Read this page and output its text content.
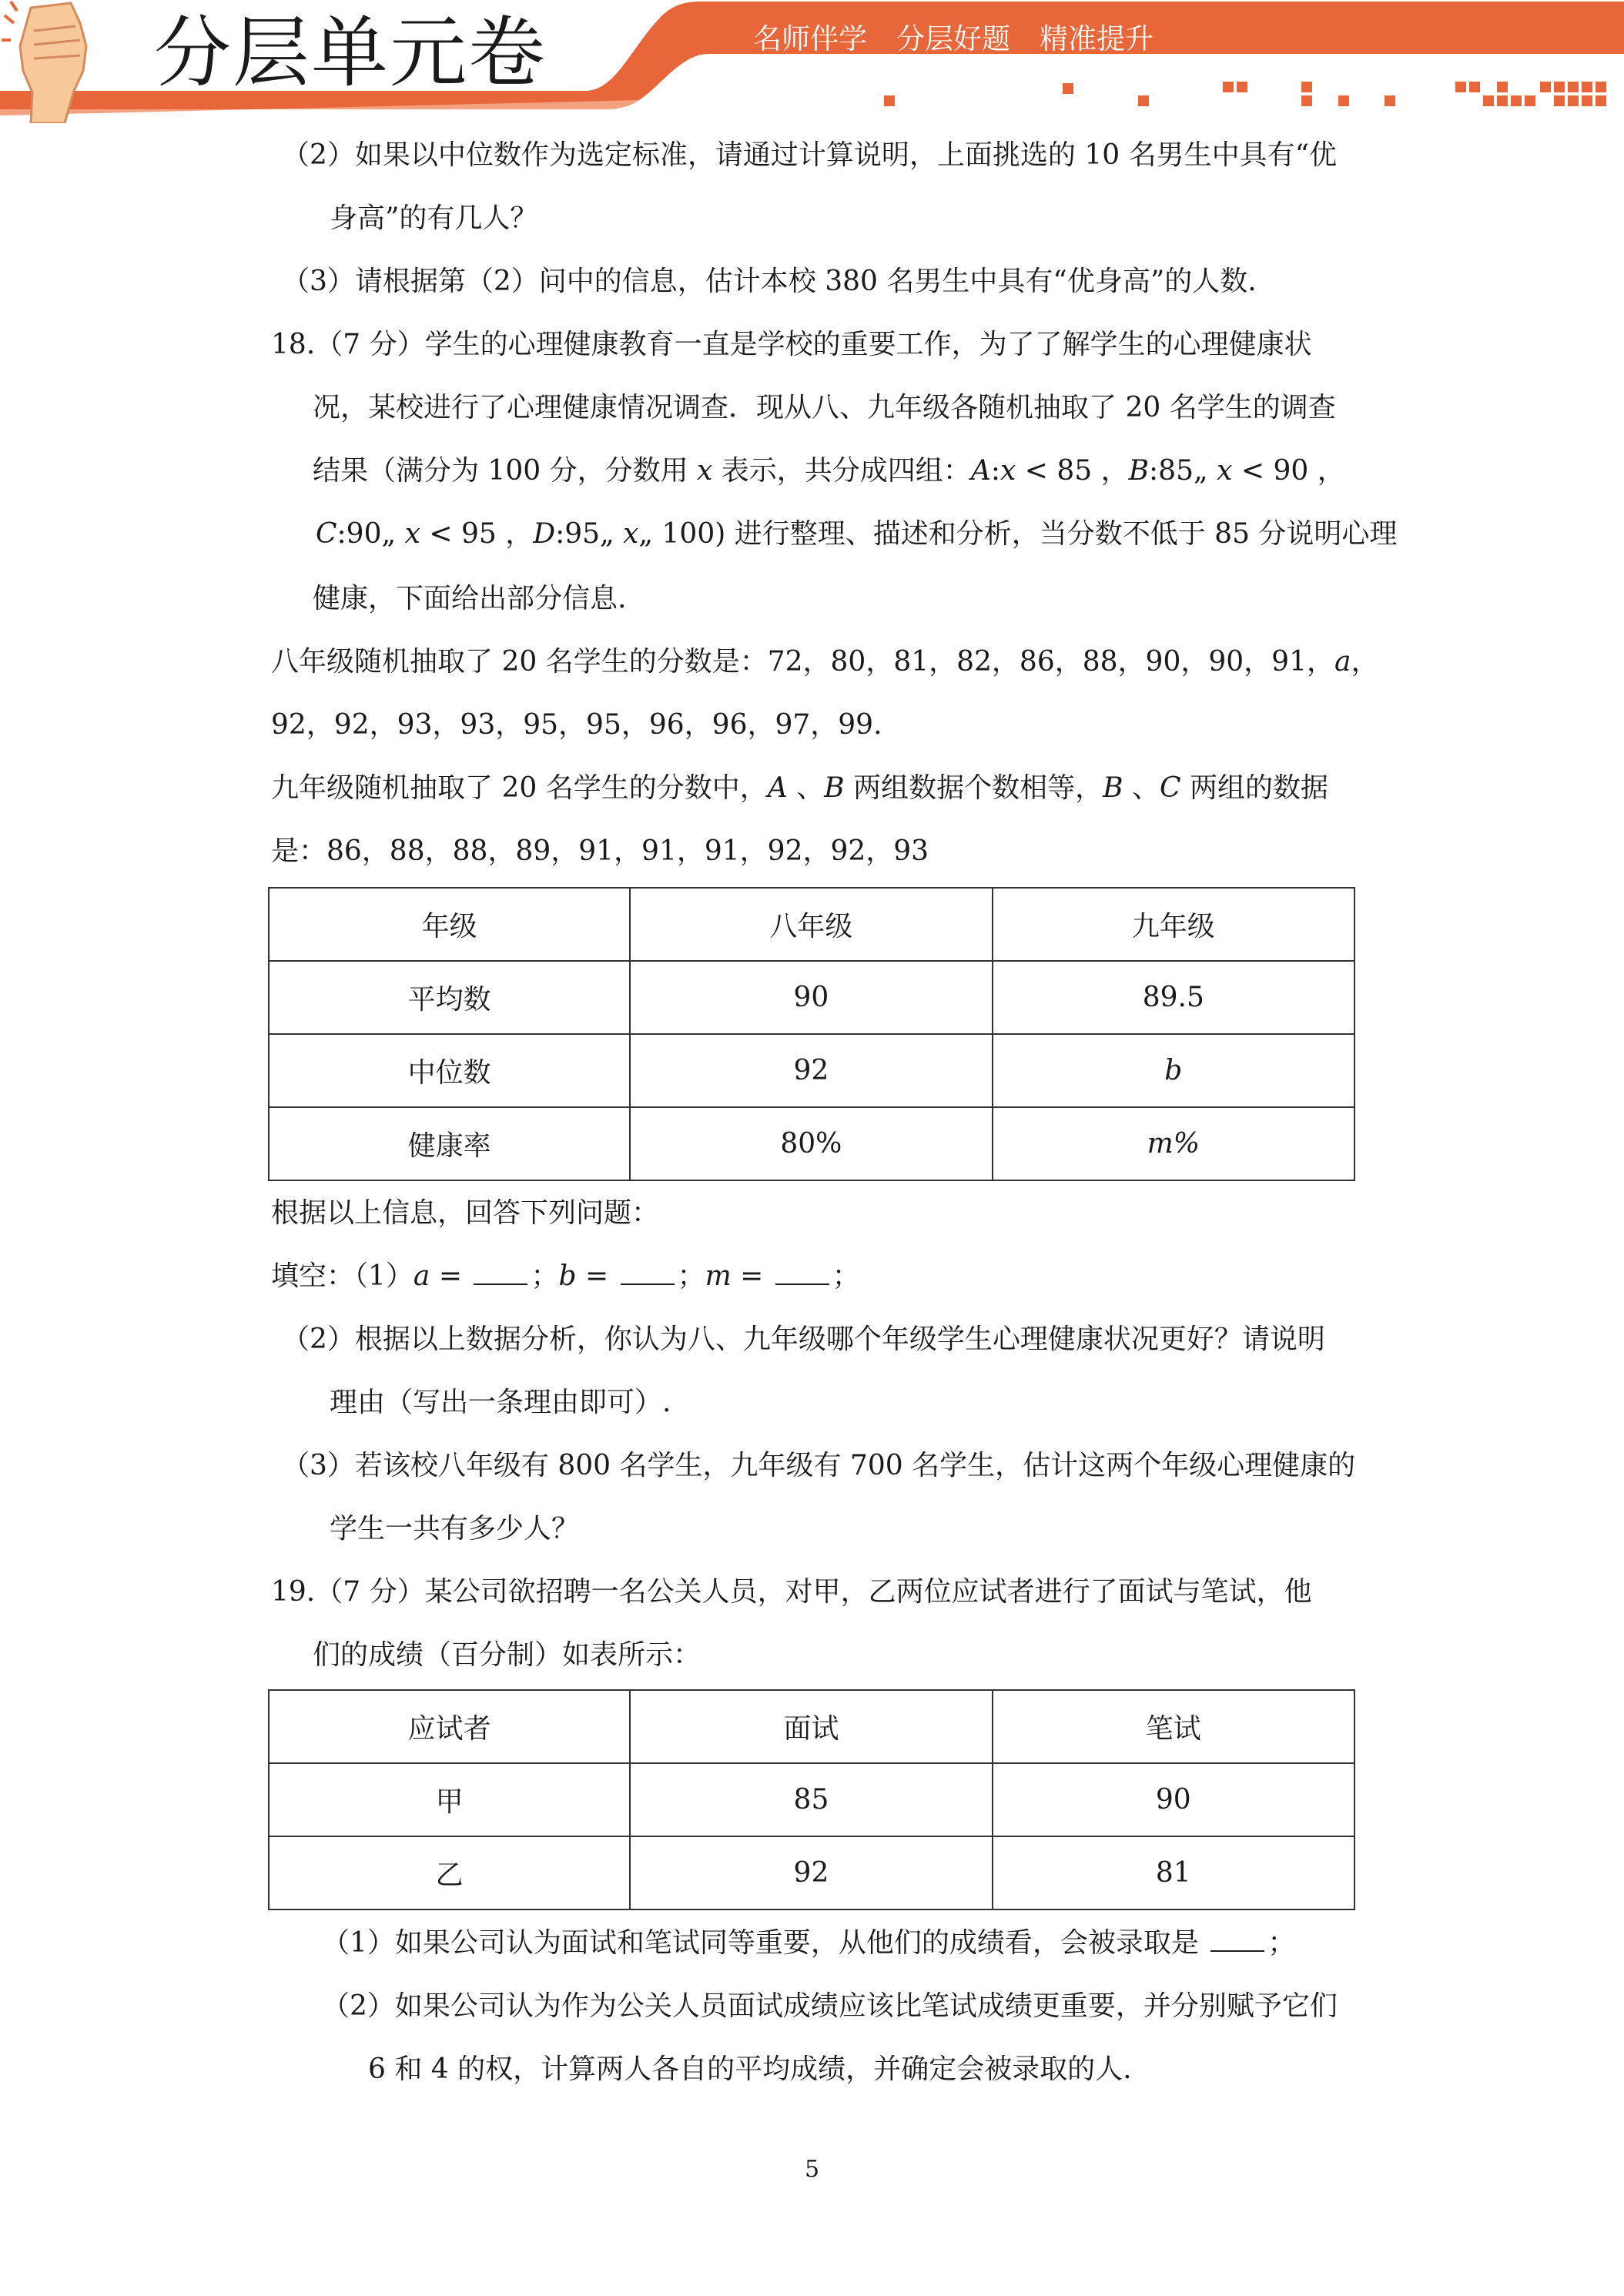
分层单元卷	名师伴学 分层好题 精准提升
（2）如果以中位数作为选定标准，请通过计算说明，上面挑选的 10 名男生中具有“优
身高”的有几人？
（3）请根据第（2）问中的信息，估计本校 380 名男生中具有“优身高”的人数.
18.（7 分）学生的心理健康教育一直是学校的重要工作，为了了解学生的心理健康状
况，某校进行了心理健康情况调查．现从八、九年级各随机抽取了 20 名学生的调查
结果（满分为 100 分，分数用 x 表示，共分成四组：A:x < 85 ，B:85„ x < 90 ，
C:90„ x < 95 ，D:95„ x„ 100) 进行整理、描述和分析，当分数不低于 85 分说明心理
健康，下面给出部分信息.
八年级随机抽取了 20 名学生的分数是：72，80，81，82，86，88，90，90，91，a，
92，92，93，93，95，95，96，96，97，99.
九年级随机抽取了 20 名学生的分数中，A 、B 两组数据个数相等，B 、C 两组的数据
是：86，88，88，89，91，91，91，92，92，93
年级	八年级	九年级
平均数	90	89.5
中位数	92	b
健康率	80%	m%
根据以上信息，回答下列问题：
填空：（1）a = ；b = ；m = ；
（2）根据以上数据分析，你认为八、九年级哪个年级学生心理健康状况更好？请说明
理由（写出一条理由即可）.
（3）若该校八年级有 800 名学生，九年级有 700 名学生，估计这两个年级心理健康的
学生一共有多少人？
19.（7 分）某公司欲招聘一名公关人员，对甲，乙两位应试者进行了面试与笔试，他
们的成绩（百分制）如表所示：
应试者	面试	笔试
甲	85	90
乙	92	81
（1）如果公司认为面试和笔试同等重要，从他们的成绩看，会被录取是 ；
（2）如果公司认为作为公关人员面试成绩应该比笔试成绩更重要，并分别赋予它们
6 和 4 的权，计算两人各自的平均成绩，并确定会被录取的人.
5
